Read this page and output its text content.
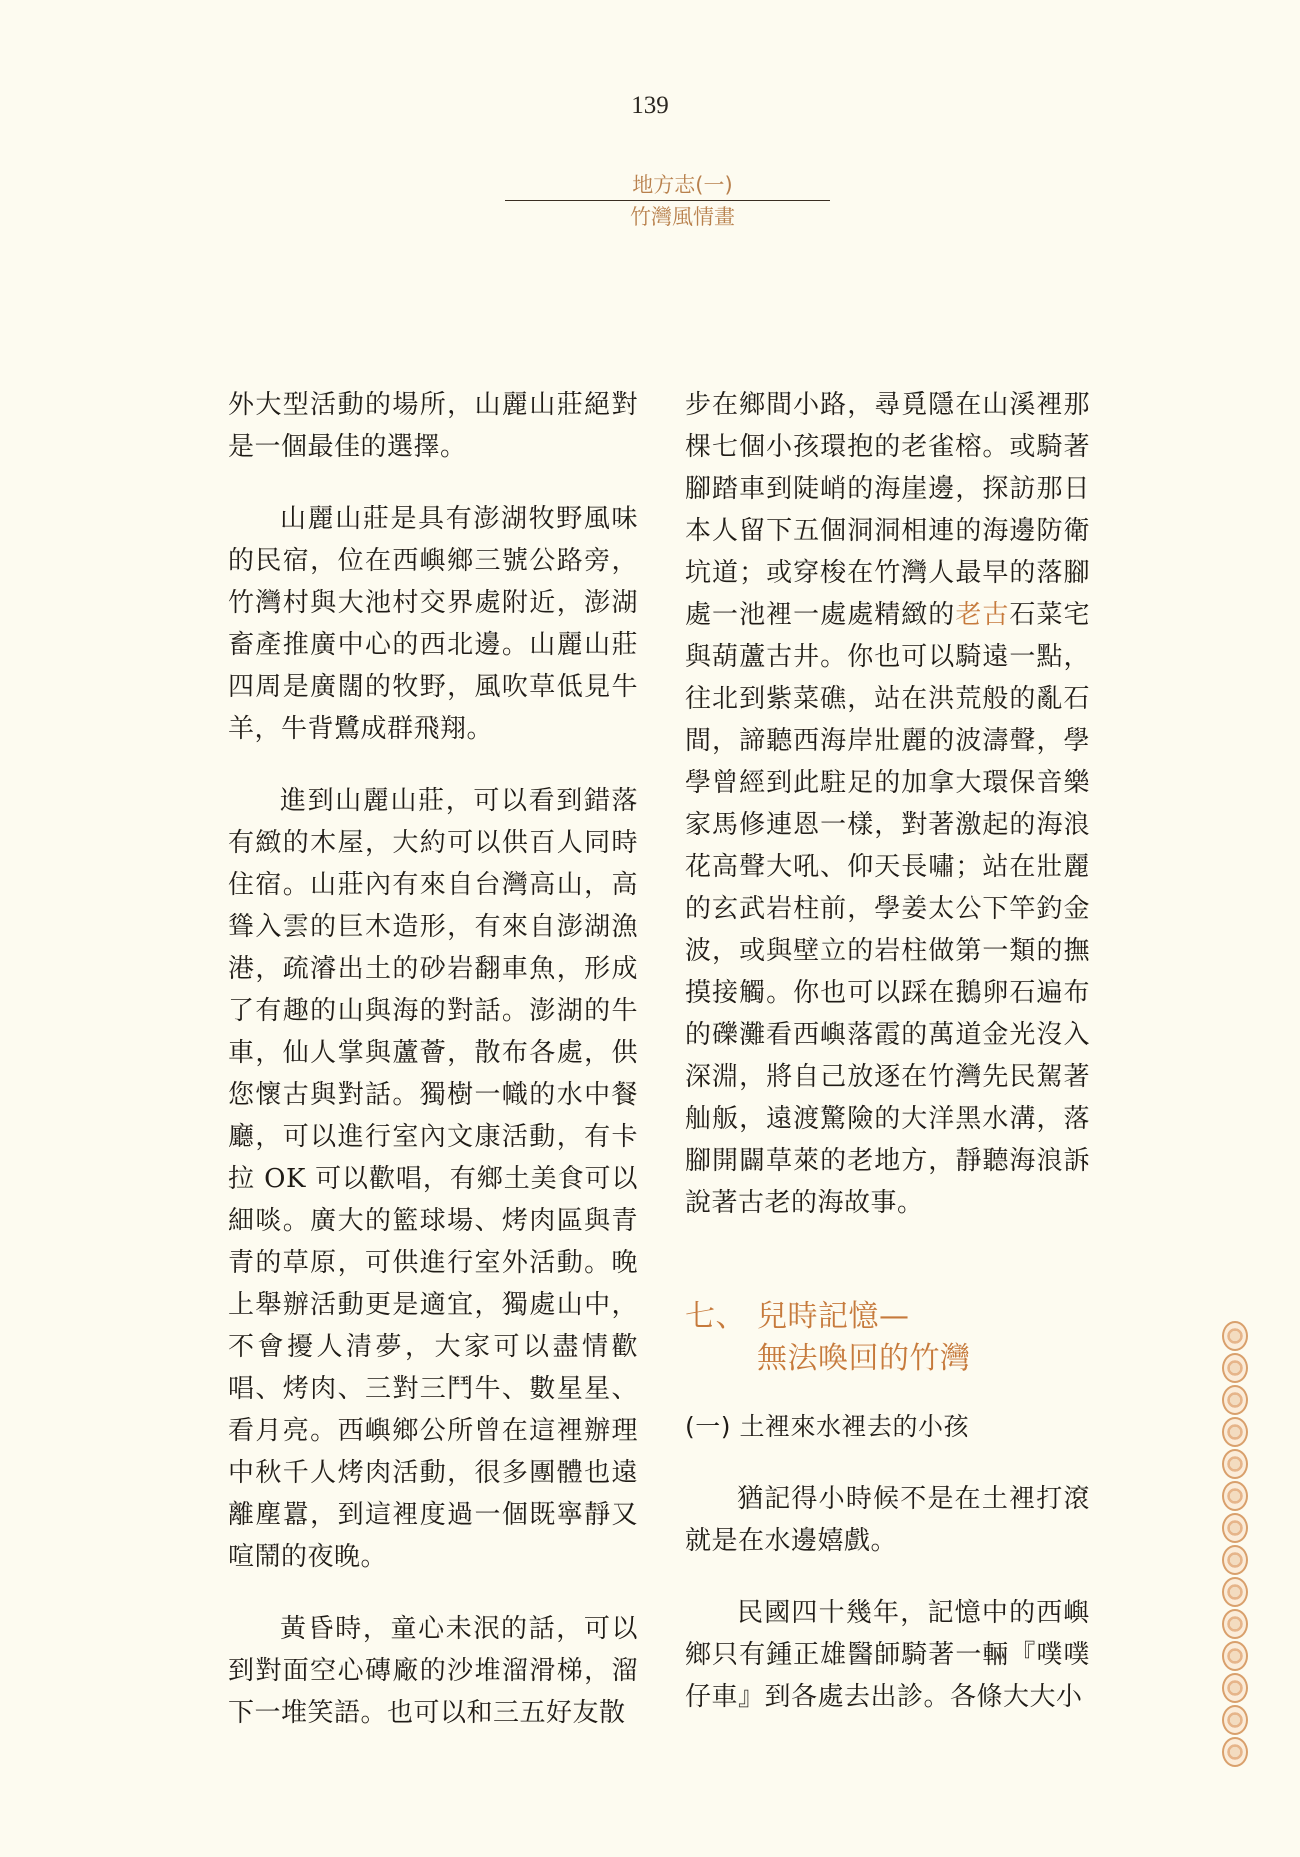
139
地方志(一)
竹灣風情畫

外大型活動的場所，山麗山莊絕對是一個最佳的選擇。

山麗山莊是具有澎湖牧野風味的民宿，位在西嶼鄉三號公路旁，竹灣村與大池村交界處附近，澎湖畜產推廣中心的西北邊。山麗山莊四周是廣闊的牧野，風吹草低見牛羊，牛背鷺成群飛翔。

進到山麗山莊，可以看到錯落有緻的木屋，大約可以供百人同時住宿。山莊內有來自台灣高山，高聳入雲的巨木造形，有來自澎湖漁港，疏濬出土的砂岩翻車魚，形成了有趣的山與海的對話。澎湖的牛車，仙人掌與蘆薈，散布各處，供您懷古與對話。獨樹一幟的水中餐廳，可以進行室內文康活動，有卡拉 OK 可以歡唱，有鄉土美食可以細啖。廣大的籃球場、烤肉區與青青的草原，可供進行室外活動。晚上舉辦活動更是適宜，獨處山中，不會擾人清夢，大家可以盡情歡唱、烤肉、三對三鬥牛、數星星、看月亮。西嶼鄉公所曾在這裡辦理中秋千人烤肉活動，很多團體也遠離塵囂，到這裡度過一個既寧靜又喧鬧的夜晚。

黃昏時，童心未泯的話，可以到對面空心磚廠的沙堆溜滑梯，溜下一堆笑語。也可以和三五好友散

步在鄉間小路，尋覓隱在山溪裡那棵七個小孩環抱的老雀榕。或騎著腳踏車到陡峭的海崖邊，探訪那日本人留下五個洞洞相連的海邊防衛坑道；或穿梭在竹灣人最早的落腳處一池裡一處處精緻的老古石菜宅與葫蘆古井。你也可以騎遠一點，往北到紫菜礁，站在洪荒般的亂石間，諦聽西海岸壯麗的波濤聲，學學曾經到此駐足的加拿大環保音樂家馬修連恩一樣，對著激起的海浪花高聲大吼、仰天長嘯；站在壯麗的玄武岩柱前，學姜太公下竿釣金波，或與壁立的岩柱做第一類的撫摸接觸。你也可以踩在鵝卵石遍布的礫灘看西嶼落霞的萬道金光沒入深淵，將自己放逐在竹灣先民駕著舢舨，遠渡驚險的大洋黑水溝，落腳開闢草萊的老地方，靜聽海浪訴說著古老的海故事。

七、 兒時記憶—
無法喚回的竹灣
(一) 土裡來水裡去的小孩

猶記得小時候不是在土裡打滾就是在水邊嬉戲。

民國四十幾年，記憶中的西嶼鄉只有鍾正雄醫師騎著一輛『噗噗仔車』到各處去出診。各條大大小
